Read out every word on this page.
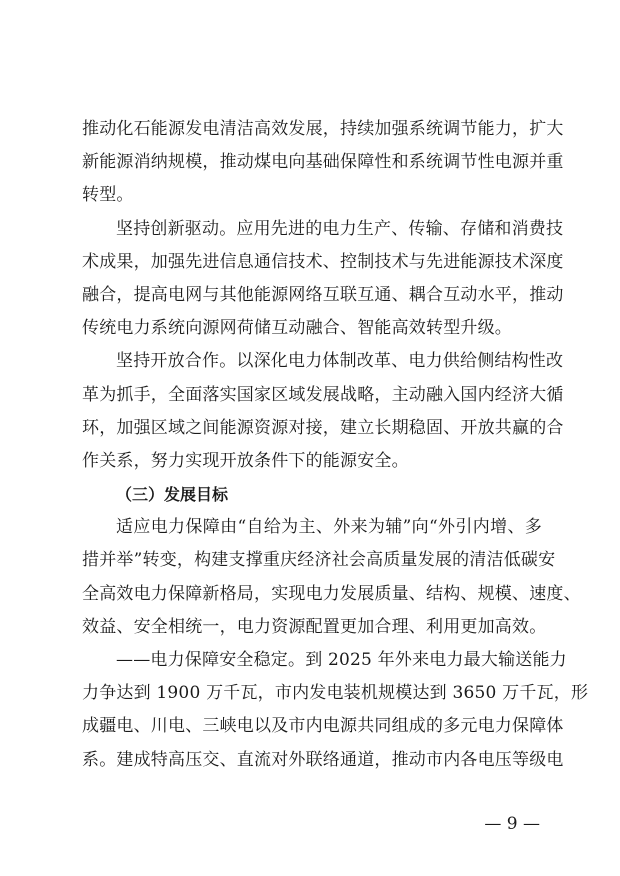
推动化石能源发电清洁高效发展，持续加强系统调节能力，扩大
新能源消纳规模，推动煤电向基础保障性和系统调节性电源并重
转型。
坚持创新驱动。应用先进的电力生产、传输、存储和消费技
术成果，加强先进信息通信技术、控制技术与先进能源技术深度
融合，提高电网与其他能源网络互联互通、耦合互动水平，推动
传统电力系统向源网荷储互动融合、智能高效转型升级。
坚持开放合作。以深化电力体制改革、电力供给侧结构性改
革为抓手，全面落实国家区域发展战略，主动融入国内经济大循
环，加强区域之间能源资源对接，建立长期稳固、开放共赢的合
作关系，努力实现开放条件下的能源安全。
（三）发展目标
适应电力保障由“自给为主、外来为辅”向“外引内增、多
措并举”转变，构建支撑重庆经济社会高质量发展的清洁低碳安
全高效电力保障新格局，实现电力发展质量、结构、规模、速度、
效益、安全相统一，电力资源配置更加合理、利用更加高效。
——电力保障安全稳定。到 2025 年外来电力最大输送能力
力争达到 1900 万千瓦，市内发电装机规模达到 3650 万千瓦，形
成疆电、川电、三峡电以及市内电源共同组成的多元电力保障体
系。建成特高压交、直流对外联络通道，推动市内各电压等级电
— 9 —
